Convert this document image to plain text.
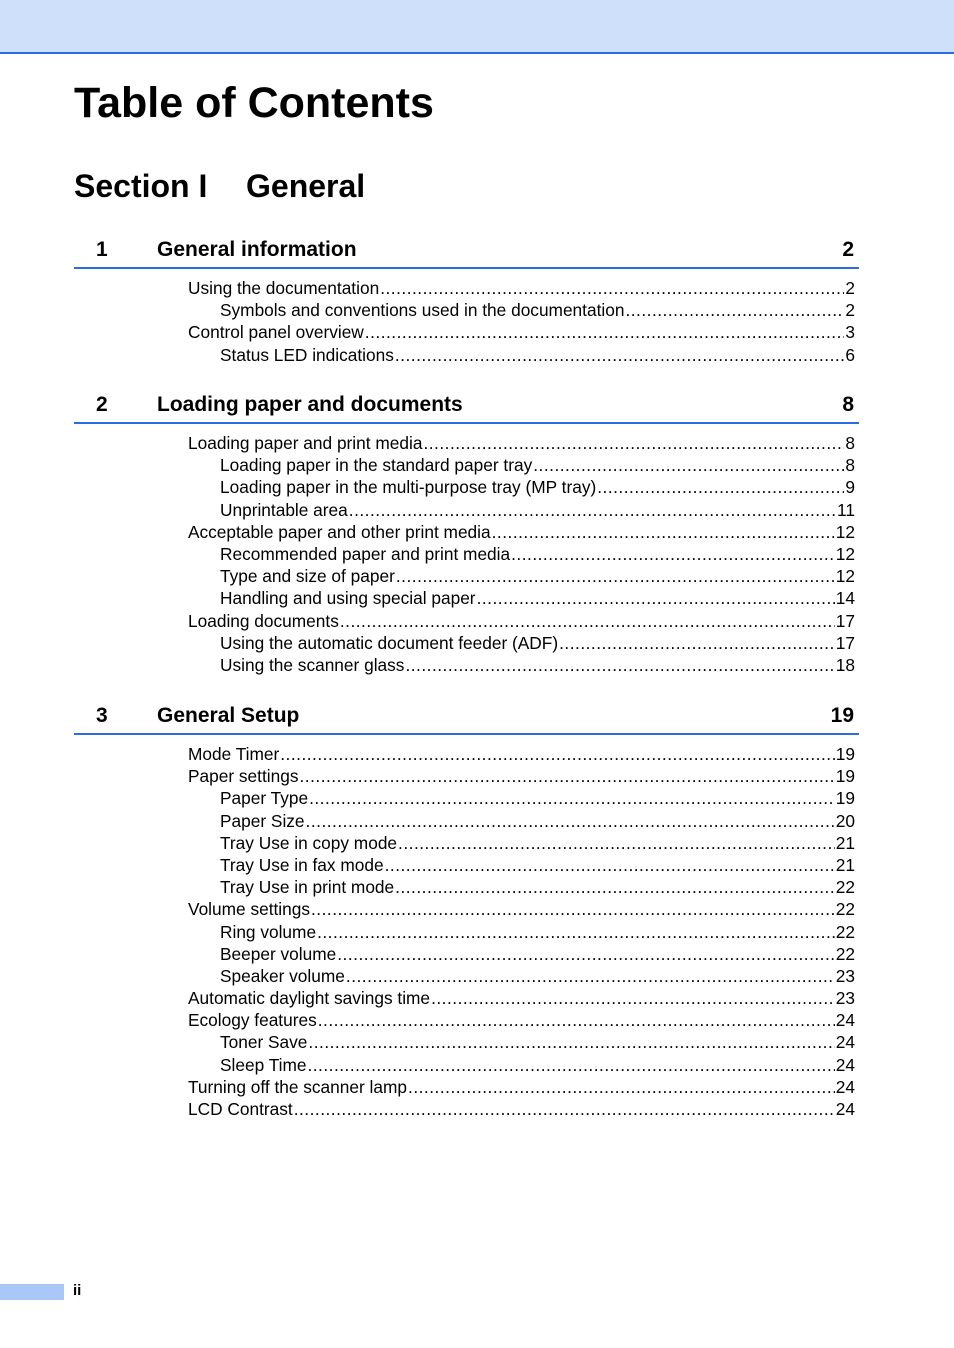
Table of Contents
Section I General
1 General information	2
Using the documentation .....	2
Symbols and conventions used in the documentation .....	2
Control panel overview .....	3
Status LED indications .....	6
2 Loading paper and documents	8
Loading paper and print media .....	8
Loading paper in the standard paper tray .....	8
Loading paper in the multi-purpose tray (MP tray) .....	9
Unprintable area .....	11
Acceptable paper and other print media .....	12
Recommended paper and print media .....	12
Type and size of paper .....	12
Handling and using special paper .....	14
Loading documents .....	17
Using the automatic document feeder (ADF) .....	17
Using the scanner glass .....	18
3 General Setup	19
Mode Timer .....	19
Paper settings .....	19
Paper Type .....	19
Paper Size .....	20
Tray Use in copy mode .....	21
Tray Use in fax mode .....	21
Tray Use in print mode .....	22
Volume settings .....	22
Ring volume .....	22
Beeper volume .....	22
Speaker volume .....	23
Automatic daylight savings time .....	23
Ecology features .....	24
Toner Save .....	24
Sleep Time .....	24
Turning off the scanner lamp .....	24
LCD Contrast .....	24
ii
